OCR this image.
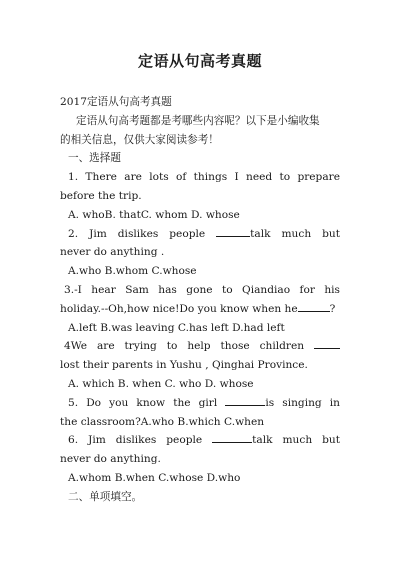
定语从句高考真题

2017定语从句高考真题

定语从句高考题都是考哪些内容呢？以下是小编收集

的相关信息，仅供大家阅读参考！

一、选择题

1. There are lots of things I need to prepare

before the trip.

A. whoB. thatC. whom D. whose

2. Jim dislikes people	talk much but

never do anything .

A.who B.whom C.whose

3.-I hear Sam has gone to Qiandiao for his

holiday.--Oh,how nice!Do you know when he	?

A.left B.was leaving C.has left D.had left

4We are trying to help those children

lost their parents in Yushu , Qinghai Province.

A. which B. when C. who D. whose

5. Do you know the girl	is singing in

the classroom?A.who B.which C.when

6. Jim dislikes people	talk much but

never do anything.

A.whom B.when C.whose D.who

二、单项填空。
